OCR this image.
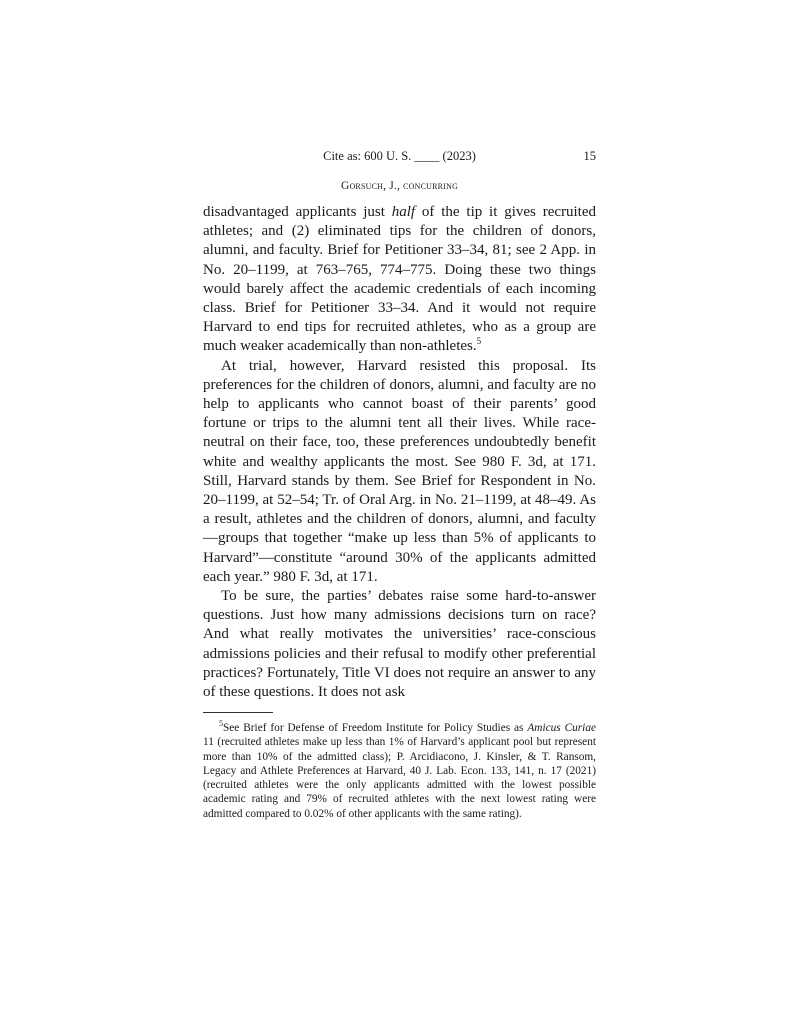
Cite as: 600 U. S. ____ (2023)	15
Gorsuch, J., concurring

disadvantaged applicants just half of the tip it gives recruited athletes; and (2) eliminated tips for the children of donors, alumni, and faculty. Brief for Petitioner 33–34, 81; see 2 App. in No. 20–1199, at 763–765, 774–775. Doing these two things would barely affect the academic credentials of each incoming class. Brief for Petitioner 33–34. And it would not require Harvard to end tips for recruited athletes, who as a group are much weaker academically than non-athletes.$^5$

At trial, however, Harvard resisted this proposal. Its preferences for the children of donors, alumni, and faculty are no help to applicants who cannot boast of their parents’ good fortune or trips to the alumni tent all their lives. While race-neutral on their face, too, these preferences undoubtedly benefit white and wealthy applicants the most. See 980 F. 3d, at 171. Still, Harvard stands by them. See Brief for Respondent in No. 20–1199, at 52–54; Tr. of Oral Arg. in No. 21–1199, at 48–49. As a result, athletes and the children of donors, alumni, and faculty—groups that together “make up less than 5% of applicants to Harvard”—constitute “around 30% of the applicants admitted each year.” 980 F. 3d, at 171.

To be sure, the parties’ debates raise some hard-to-answer questions. Just how many admissions decisions turn on race? And what really motivates the universities’ race-conscious admissions policies and their refusal to modify other preferential practices? Fortunately, Title VI does not require an answer to any of these questions. It does not ask

$^5$See Brief for Defense of Freedom Institute for Policy Studies as Amicus Curiae 11 (recruited athletes make up less than 1% of Harvard’s applicant pool but represent more than 10% of the admitted class); P. Arcidiacono, J. Kinsler, & T. Ransom, Legacy and Athlete Preferences at Harvard, 40 J. Lab. Econ. 133, 141, n. 17 (2021) (recruited athletes were the only applicants admitted with the lowest possible academic rating and 79% of recruited athletes with the next lowest rating were admitted compared to 0.02% of other applicants with the same rating).
